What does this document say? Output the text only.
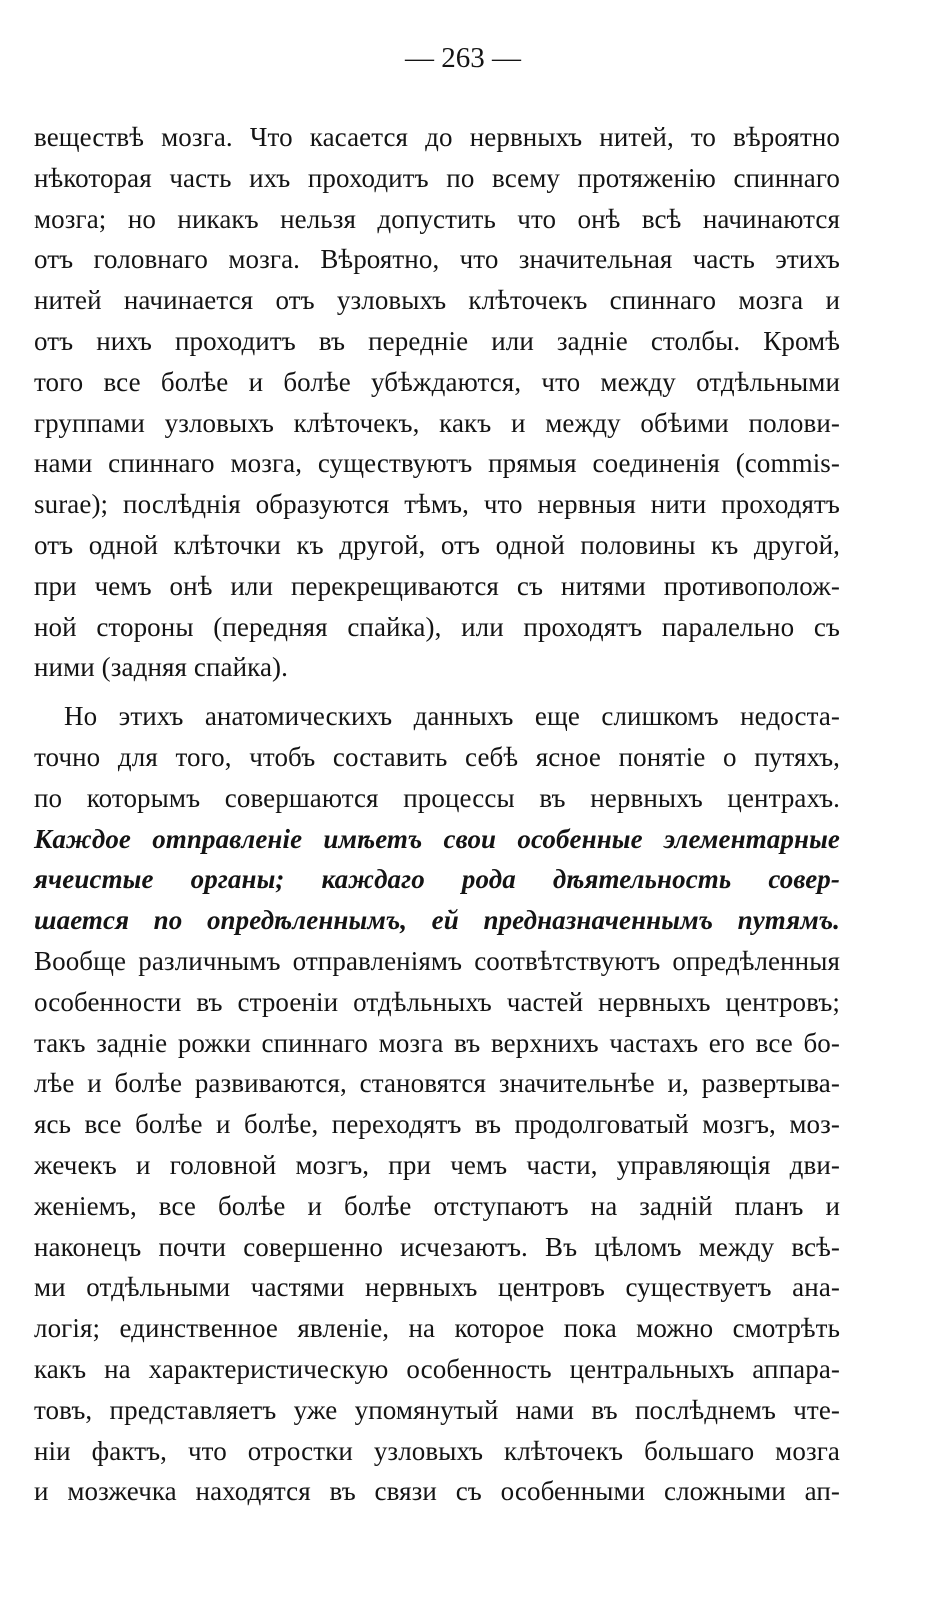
— 263 —
веществѣ мозга. Что касается до нервныхъ нитей, то вѣроятно
нѣкоторая часть ихъ проходитъ по всему протяженію спиннаго
мозга; но никакъ нельзя допустить что онѣ всѣ начинаются
отъ головнаго мозга. Вѣроятно, что значительная часть этихъ
нитей начинается отъ узловыхъ клѣточекъ спиннаго мозга и
отъ нихъ проходитъ въ передніе или задніе столбы. Кромѣ
того все болѣе и болѣе убѣждаются, что между отдѣльными
группами узловыхъ клѣточекъ, какъ и между обѣими полови-
нами спиннаго мозга, существуютъ прямыя соединенія (commis-
surae); послѣднія образуются тѣмъ, что нервныя нити проходятъ
отъ одной клѣточки къ другой, отъ одной половины къ другой,
при чемъ онѣ или перекрещиваются съ нитями противополож-
ной стороны (передняя спайка), или проходятъ паралельно съ
ними (задняя спайка).
Но этихъ анатомическихъ данныхъ еще слишкомъ недоста-
точно для того, чтобъ составить себѣ ясное понятіе о путяхъ,
по которымъ совершаются процессы въ нервныхъ центрахъ.
Каждое отправленіе имѣетъ свои особенные элементарные
ячеистые органы; каждаго рода дѣятельность совер-
шается по опредѣленнымъ, ей предназначеннымъ путямъ.
Вообще различнымъ отправленіямъ соотвѣтствуютъ опредѣленныя
особенности въ строеніи отдѣльныхъ частей нервныхъ центровъ;
такъ задніе рожки спиннаго мозга въ верхнихъ частахъ его все бо-
лѣе и болѣе развиваются, становятся значительнѣе и, развертыва-
ясь все болѣе и болѣе, переходятъ въ продолговатый мозгъ, моз-
жечекъ и головной мозгъ, при чемъ части, управляющія дви-
женіемъ, все болѣе и болѣе отступаютъ на задній планъ и
наконецъ почти совершенно исчезаютъ. Въ цѣломъ между всѣ-
ми отдѣльными частями нервныхъ центровъ существуетъ ана-
логія; единственное явленіе, на которое пока можно смотрѣть
какъ на характеристическую особенность центральныхъ аппара-
товъ, представляетъ уже упомянутый нами въ послѣднемъ чте-
ніи фактъ, что отростки узловыхъ клѣточекъ большаго мозга
и мозжечка находятся въ связи съ особенными сложными ап-
